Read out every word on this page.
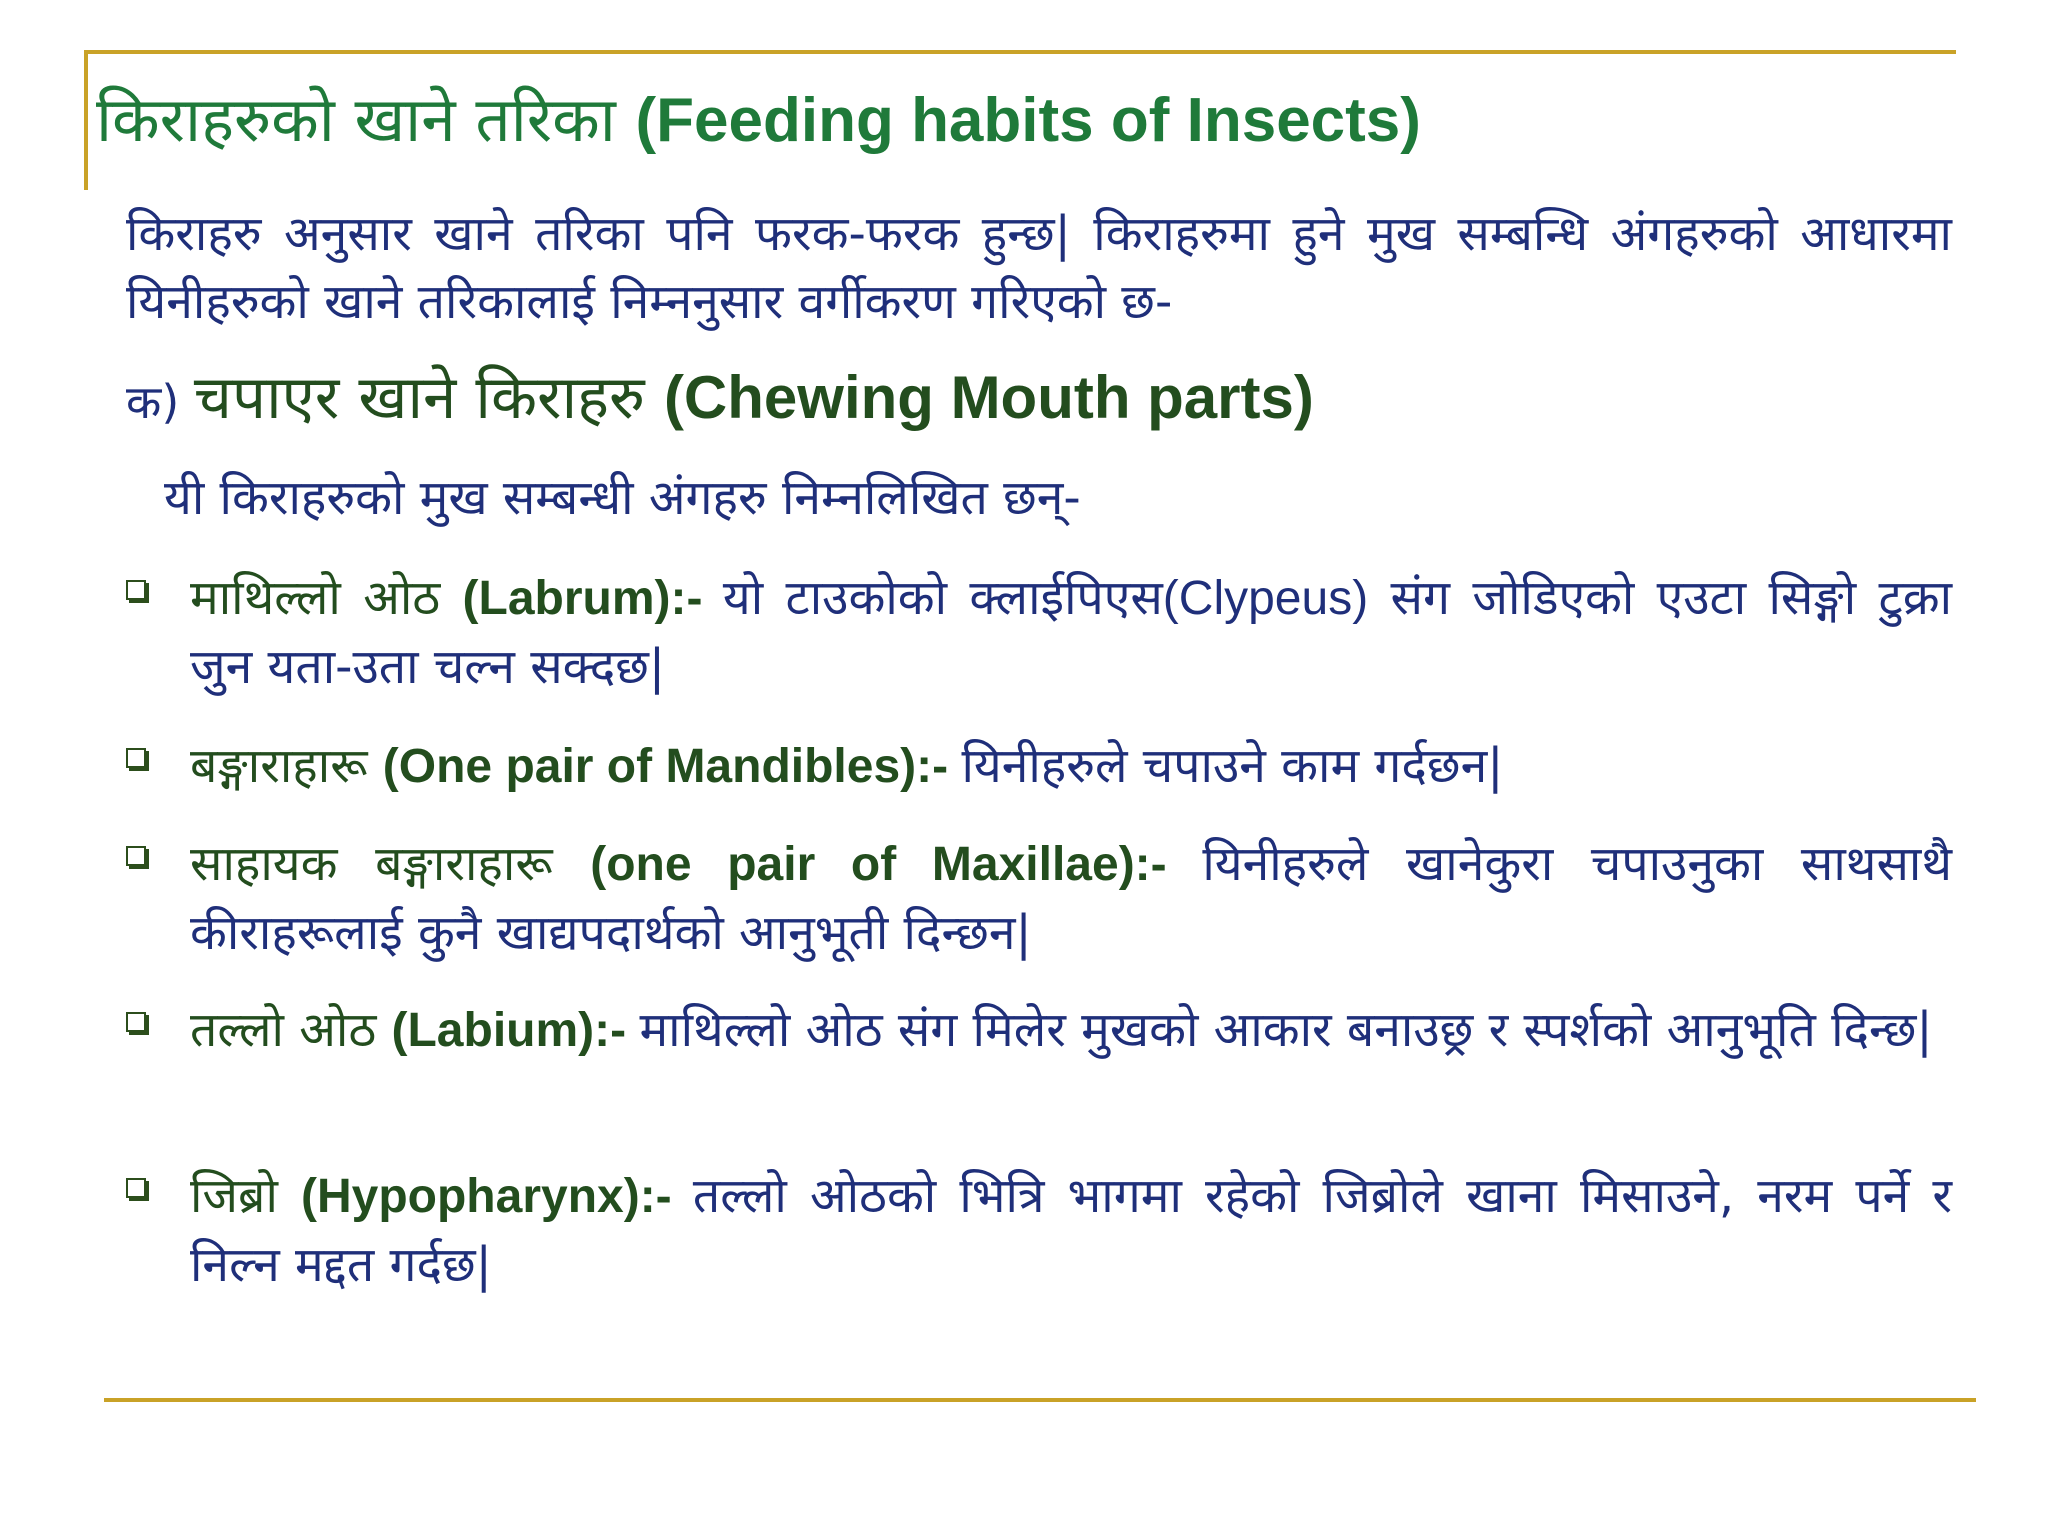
किराहरुको खाने तरिका (Feeding habits of Insects)
किराहरु अनुसार खाने तरिका पनि फरक-फरक हुन्छ| किराहरुमा हुने मुख सम्बन्धि अंगहरुको आधारमा यिनीहरुको खाने तरिकालाई निम्ननुसार वर्गीकरण गरिएको छ-
क) चपाएर खाने किराहरु (Chewing Mouth parts)
यी किराहरुको मुख सम्बन्धी अंगहरु निम्नलिखित छन्-
माथिल्लो ओठ (Labrum):- यो टाउकोको क्लाईपिएस(Clypeus) संग जोडिएको एउटा सिङ्गो टुक्रा जुन यता-उता चल्न सक्दछ|
बङ्गाराहारू (One pair of Mandibles):- यिनीहरुले चपाउने काम गर्दछन|
साहायक बङ्गाराहारू (one pair of Maxillae):- यिनीहरुले खानेकुरा चपाउनुका साथसाथै कीराहरूलाई कुनै खाद्यपदार्थको आनुभूती दिन्छन|
तल्लो ओठ (Labium):- माथिल्लो ओठ संग मिलेर मुखको आकार बनाउछ्र र स्पर्शको आनुभूति दिन्छ|
जिब्रो (Hypopharynx):- तल्लो ओठको भित्रि भागमा रहेको जिब्रोले खाना मिसाउने, नरम पर्ने र निल्न मद्दत गर्दछ|
